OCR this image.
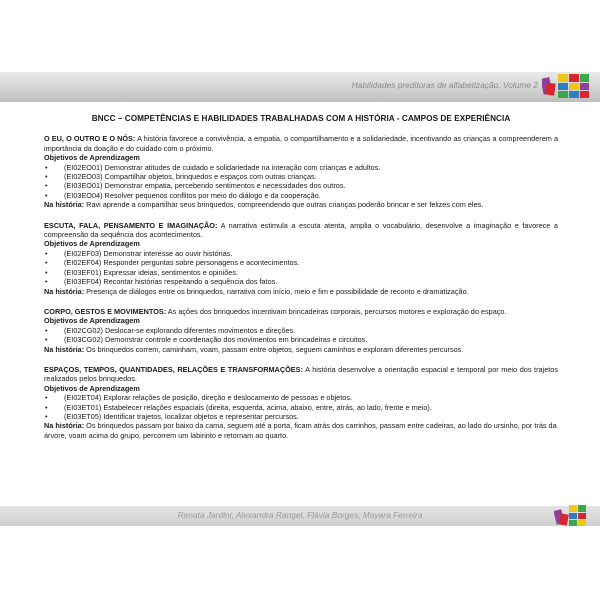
Habilidades preditoras de alfabetização. Volume 2
BNCC – COMPETÊNCIAS E HABILIDADES TRABALHADAS COM A HISTÓRIA - CAMPOS DE EXPERIÊNCIA

O EU, O OUTRO E O NÓS: A história favorece a convivência, a empatia, o compartilhamento e a solidariedade, incentivando as crianças a compreenderem a importância da doação e do cuidado com o próximo.

Objetivos de Aprendizagem
• (EI02EO01) Demonstrar atitudes de cuidado e solidariedade na interação com crianças e adultos.
• (EI02EO03) Compartilhar objetos, brinquedos e espaços com outras crianças.
• (EI03EO01) Demonstrar empatia, percebendo sentimentos e necessidades dos outros.
• (EI03EO04) Resolver pequenos conflitos por meio do diálogo e da cooperação.

Na história: Ravi aprende a compartilhar seus brinquedos, compreendendo que outras crianças poderão brincar e ser felizes com eles.

ESCUTA, FALA, PENSAMENTO E IMAGINAÇÃO: A narrativa estimula a escuta atenta, amplia o vocabulário, desenvolve a imaginação e favorece a compreensão da sequência dos acontecimentos.

Objetivos de Aprendizagem
• (EI02EF03) Demonstrar interesse ao ouvir histórias.
• (EI02EF04) Responder perguntas sobre personagens e acontecimentos.
• (EI03EF01) Expressar ideias, sentimentos e opiniões.
• (EI03EF04) Recontar histórias respeitando a sequência dos fatos.

Na história: Presença de diálogos entre os brinquedos, narrativa com início, meio e fim e possibilidade de reconto e dramatização.

CORPO, GESTOS E MOVIMENTOS: As ações dos brinquedos incentivam brincadeiras corporais, percursos motores e exploração do espaço.

Objetivos de Aprendizagem
• (EI02CG02) Deslocar-se explorando diferentes movimentos e direções.
• (EI03CG02) Demonstrar controle e coordenação dos movimentos em brincadeiras e circuitos.

Na história: Os brinquedos correm, caminham, voam, passam entre objetos, seguem caminhos e exploram diferentes percursos.

ESPAÇOS, TEMPOS, QUANTIDADES, RELAÇÕES E TRANSFORMAÇÕES: A história desenvolve a orientação espacial e temporal por meio dos trajetos realizados pelos brinquedos.

Objetivos de Aprendizagem
• (EI02ET04) Explorar relações de posição, direção e deslocamento de pessoas e objetos.
• (EI03ET01) Estabelecer relações espaciais (direita, esquerda, acima, abaixo, entre, atrás, ao lado, frente e meio).
• (EI03ET05) Identificar trajetos, localizar objetos e representar percursos.

Na história: Os brinquedos passam por baixo da cama, seguem até a porta, ficam atrás dos carrinhos, passam entre cadeiras, ao lado do ursinho, por trás da árvore, voam acima do grupo, percorrem um labirinto e retornam ao quarto.

Renata Jardini, Alexandra Rangel, Flávia Borges, Mayara Ferreira
